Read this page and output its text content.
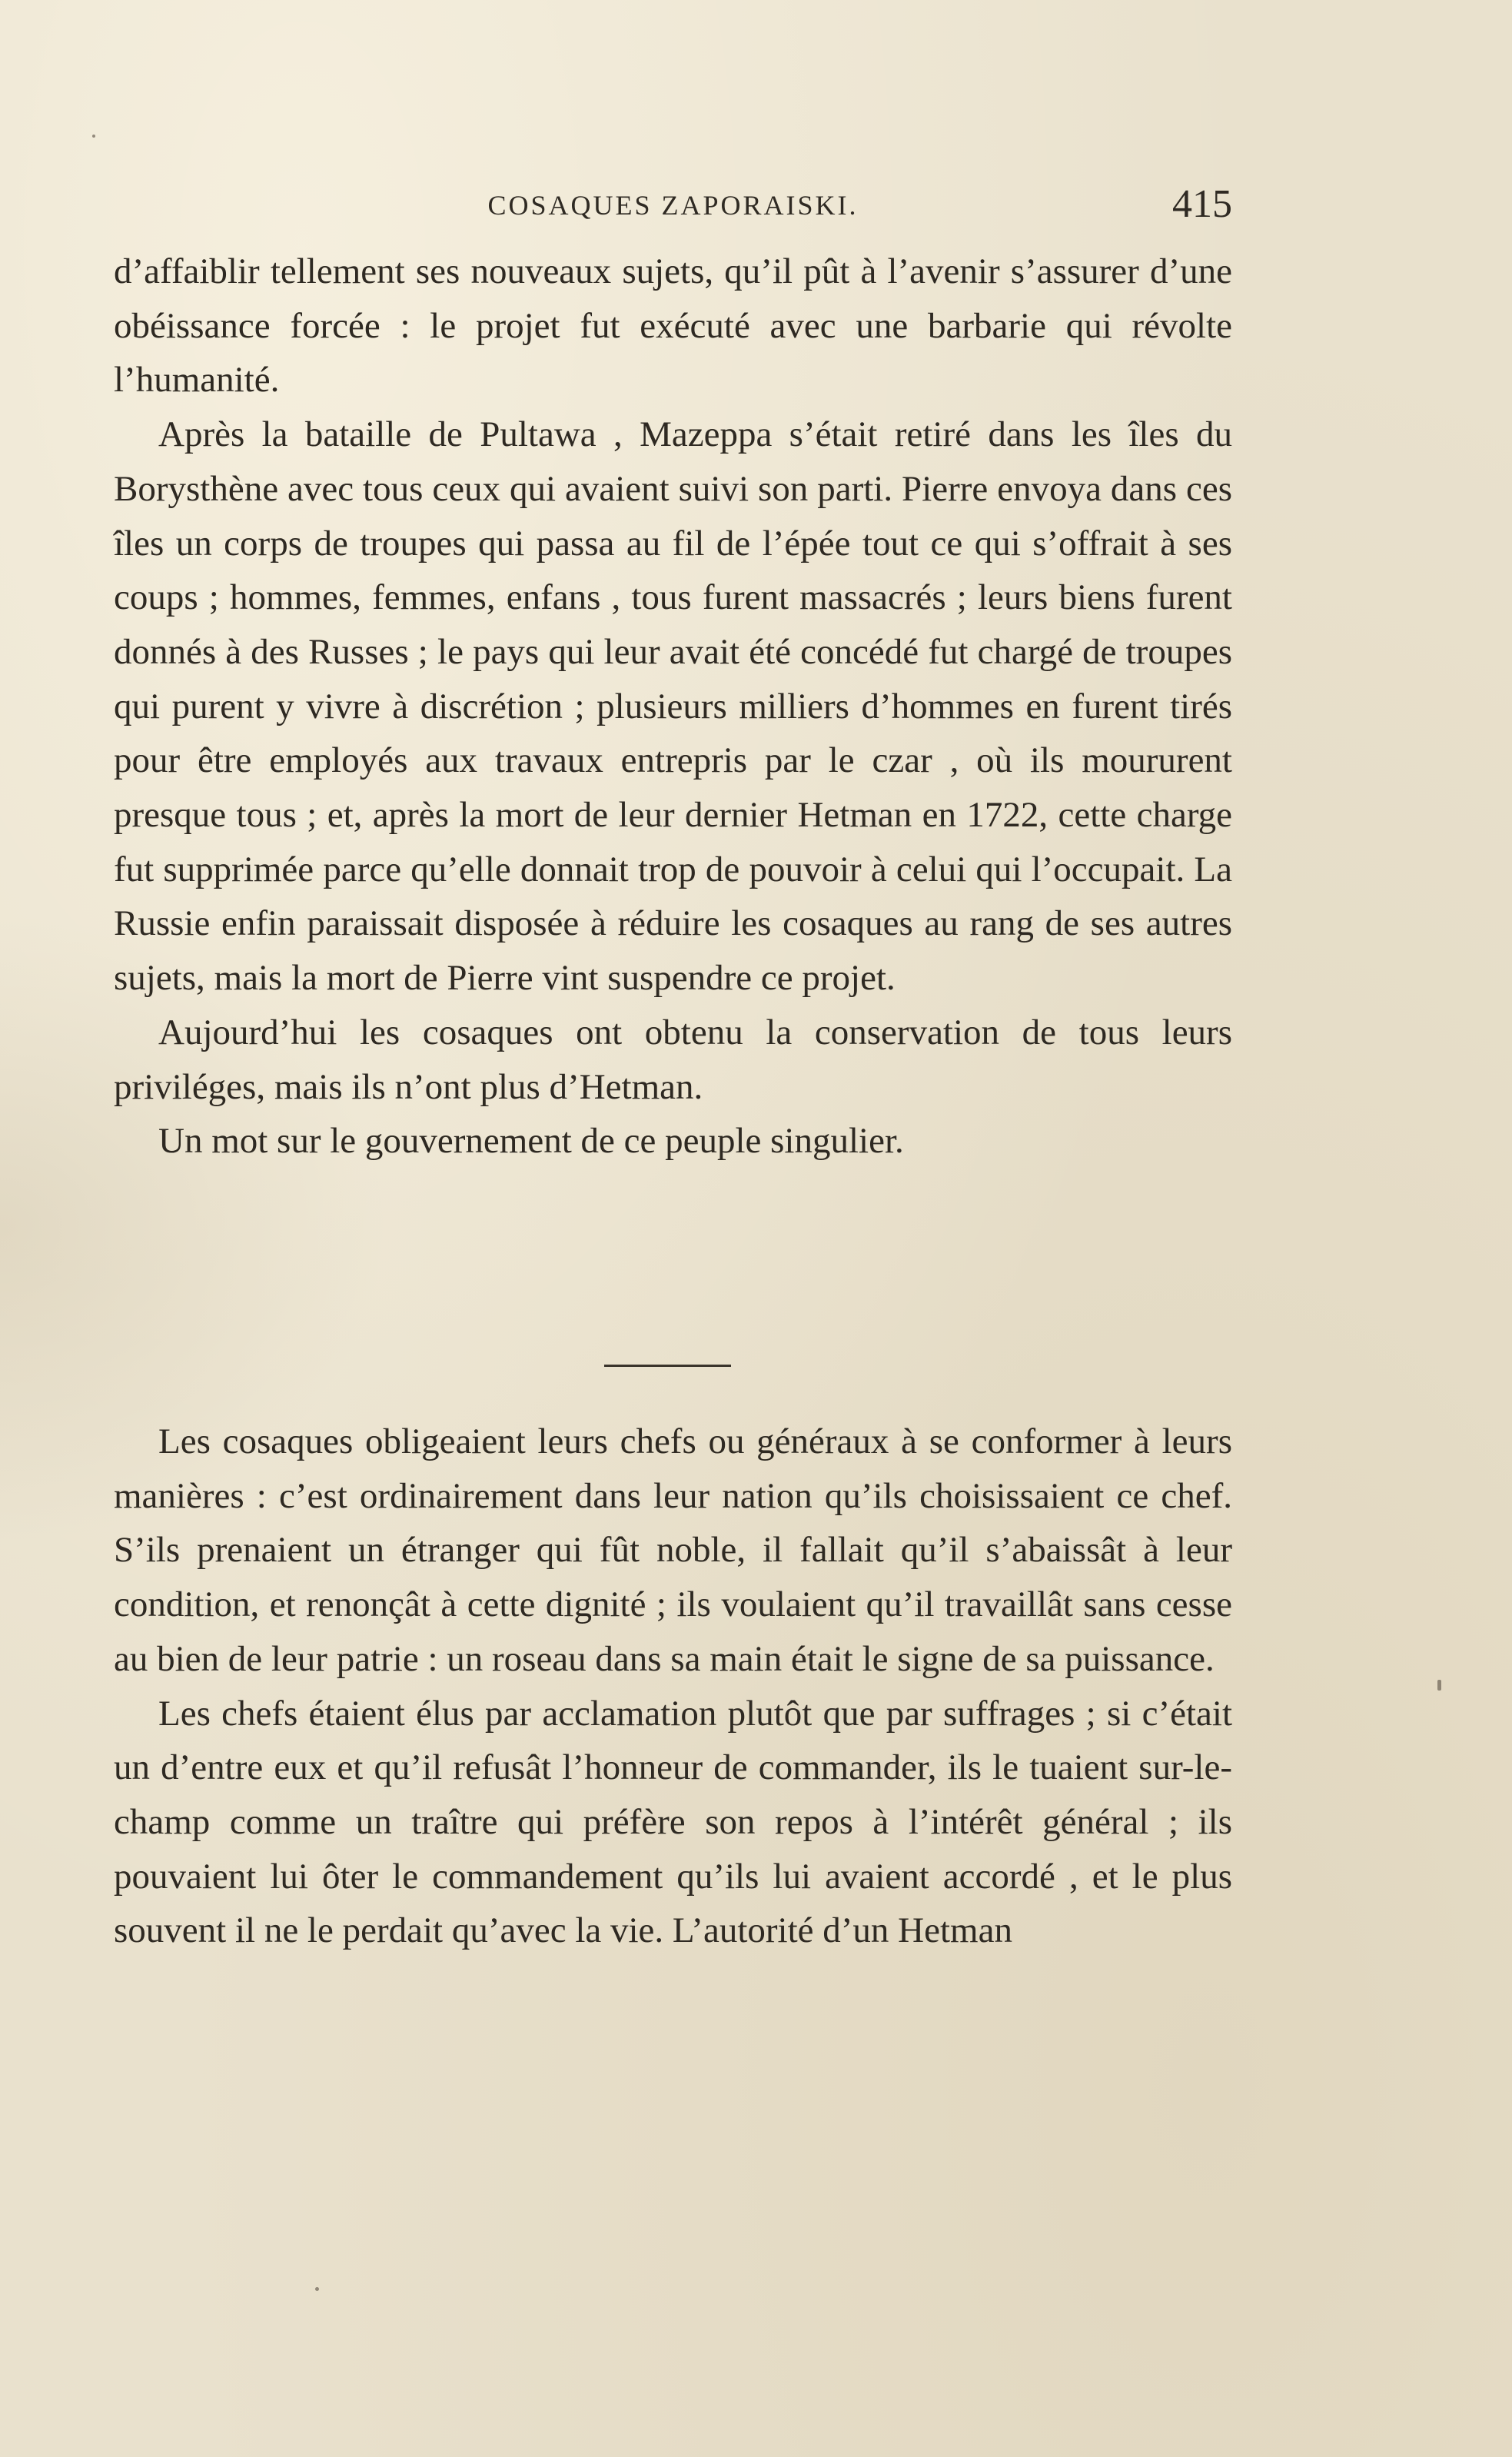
COSAQUES ZAPORAISKI.	415

d’affaiblir tellement ses nouveaux sujets, qu’il pût à l’avenir s’assurer d’une obéissance forcée : le projet fut exécuté avec une barbarie qui révolte l’humanité.

Après la bataille de Pultawa , Mazeppa s’était retiré dans les îles du Borysthène avec tous ceux qui avaient suivi son parti. Pierre envoya dans ces îles un corps de troupes qui passa au fil de l’épée tout ce qui s’offrait à ses coups ; hommes, femmes, enfans , tous furent massacrés ; leurs biens furent donnés à des Russes ; le pays qui leur avait été concédé fut chargé de troupes qui purent y vivre à discrétion ; plusieurs milliers d’hommes en furent tirés pour être employés aux travaux entrepris par le czar , où ils moururent presque tous ; et, après la mort de leur dernier Hetman en 1722, cette charge fut supprimée parce qu’elle donnait trop de pouvoir à celui qui l’occupait. La Russie enfin paraissait disposée à réduire les cosaques au rang de ses autres sujets, mais la mort de Pierre vint suspendre ce projet.

Aujourd’hui les cosaques ont obtenu la conservation de tous leurs priviléges, mais ils n’ont plus d’Hetman.

Un mot sur le gouvernement de ce peuple singulier.

Les cosaques obligeaient leurs chefs ou généraux à se conformer à leurs manières : c’est ordinairement dans leur nation qu’ils choisissaient ce chef. S’ils prenaient un étranger qui fût noble, il fallait qu’il s’abaissât à leur condition, et renonçât à cette dignité ; ils voulaient qu’il travaillât sans cesse au bien de leur patrie : un roseau dans sa main était le signe de sa puissance.

Les chefs étaient élus par acclamation plutôt que par suffrages ; si c’était un d’entre eux et qu’il refusât l’honneur de commander, ils le tuaient sur-le-champ comme un traître qui préfère son repos à l’intérêt général ; ils pouvaient lui ôter le commandement qu’ils lui avaient accordé , et le plus souvent il ne le perdait qu’avec la vie. L’autorité d’un Hetman
